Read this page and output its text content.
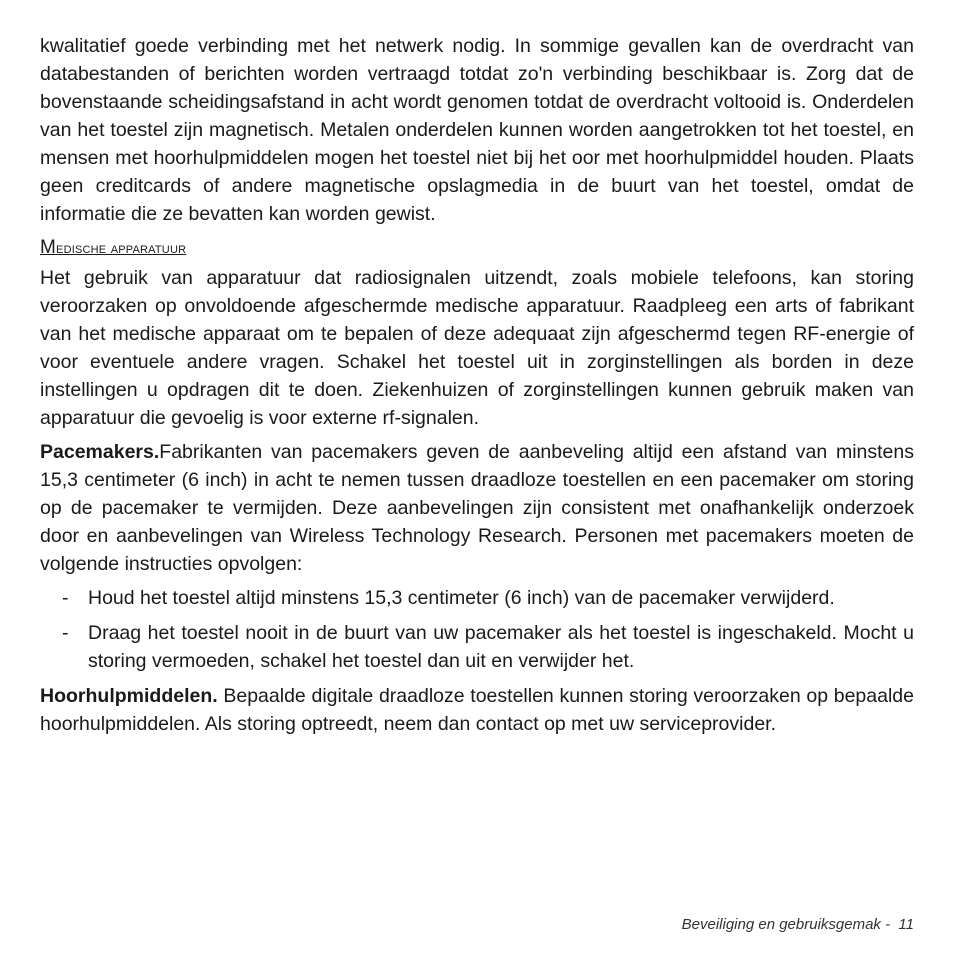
kwalitatief goede verbinding met het netwerk nodig. In sommige gevallen kan de overdracht van databestanden of berichten worden vertraagd totdat zo'n verbinding beschikbaar is. Zorg dat de bovenstaande scheidingsafstand in acht wordt genomen totdat de overdracht voltooid is. Onderdelen van het toestel zijn magnetisch. Metalen onderdelen kunnen worden aangetrokken tot het toestel, en mensen met hoorhulpmiddelen mogen het toestel niet bij het oor met hoorhulpmiddel houden. Plaats geen creditcards of andere magnetische opslagmedia in de buurt van het toestel, omdat de informatie die ze bevatten kan worden gewist.

Medische apparatuur

Het gebruik van apparatuur dat radiosignalen uitzendt, zoals mobiele telefoons, kan storing veroorzaken op onvoldoende afgeschermde medische apparatuur. Raadpleeg een arts of fabrikant van het medische apparaat om te bepalen of deze adequaat zijn afgeschermd tegen RF-energie of voor eventuele andere vragen. Schakel het toestel uit in zorginstellingen als borden in deze instellingen u opdragen dit te doen. Ziekenhuizen of zorginstellingen kunnen gebruik maken van apparatuur die gevoelig is voor externe rf-signalen.

Pacemakers.Fabrikanten van pacemakers geven de aanbeveling altijd een afstand van minstens 15,3 centimeter (6 inch) in acht te nemen tussen draadloze toestellen en een pacemaker om storing op de pacemaker te vermijden. Deze aanbevelingen zijn consistent met onafhankelijk onderzoek door en aanbevelingen van Wireless Technology Research. Personen met pacemakers moeten de volgende instructies opvolgen:

- Houd het toestel altijd minstens 15,3 centimeter (6 inch) van de pacemaker verwijderd.
- Draag het toestel nooit in de buurt van uw pacemaker als het toestel is ingeschakeld. Mocht u storing vermoeden, schakel het toestel dan uit en verwijder het.

Hoorhulpmiddelen. Bepaalde digitale draadloze toestellen kunnen storing veroorzaken op bepaalde hoorhulpmiddelen. Als storing optreedt, neem dan contact op met uw serviceprovider.

Beveiliging en gebruiksgemak -  11
